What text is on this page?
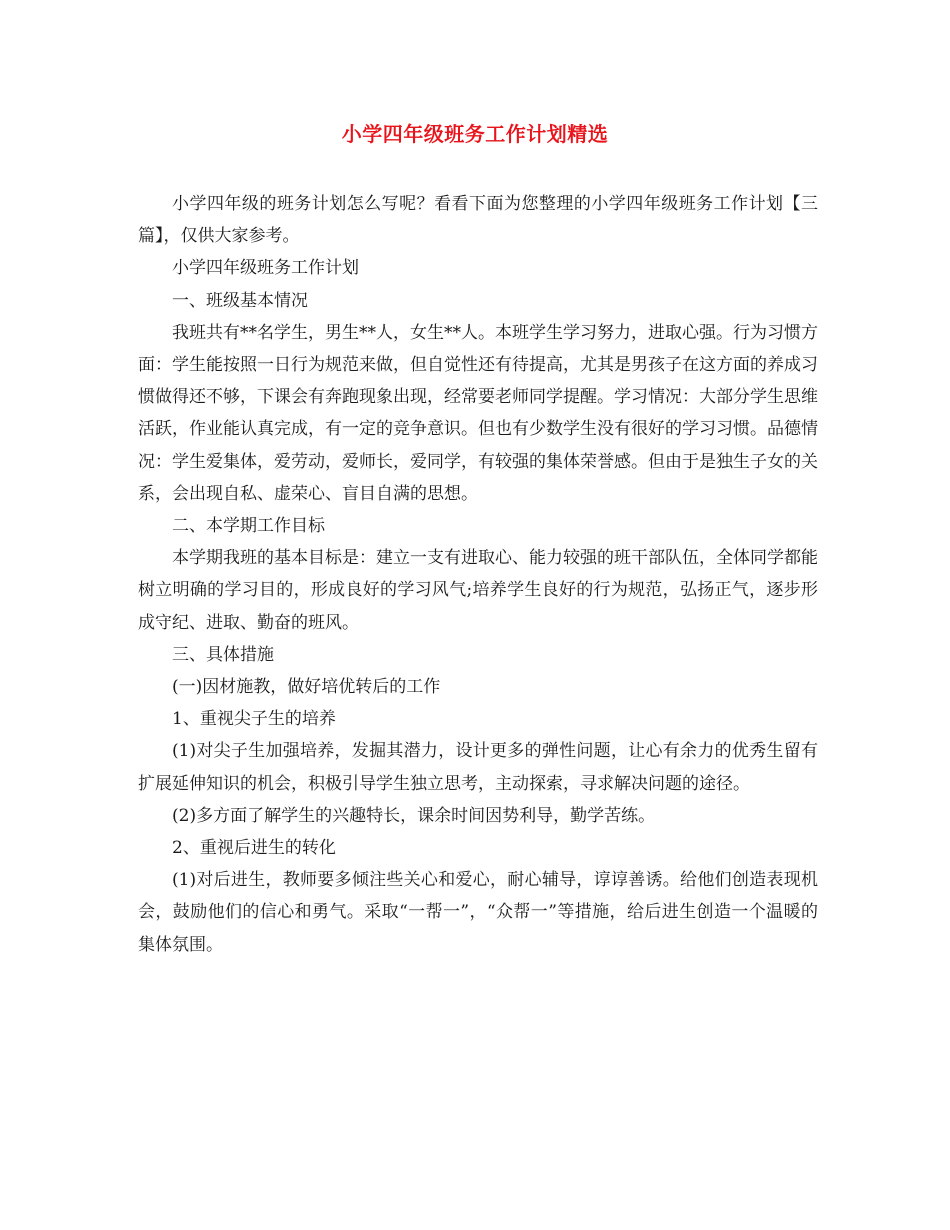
小学四年级班务工作计划精选

小学四年级的班务计划怎么写呢？看看下面为您整理的小学四年级班务工作计划【三篇】，仅供大家参考。

小学四年级班务工作计划

一、班级基本情况

我班共有**名学生，男生**人，女生**人。本班学生学习努力，进取心强。行为习惯方面：学生能按照一日行为规范来做，但自觉性还有待提高，尤其是男孩子在这方面的养成习惯做得还不够，下课会有奔跑现象出现，经常要老师同学提醒。学习情况：大部分学生思维活跃，作业能认真完成，有一定的竞争意识。但也有少数学生没有很好的学习习惯。品德情况：学生爱集体，爱劳动，爱师长，爱同学，有较强的集体荣誉感。但由于是独生子女的关系，会出现自私、虚荣心、盲目自满的思想。

二、本学期工作目标

本学期我班的基本目标是：建立一支有进取心、能力较强的班干部队伍，全体同学都能树立明确的学习目的，形成良好的学习风气;培养学生良好的行为规范，弘扬正气，逐步形成守纪、进取、勤奋的班风。

三、具体措施

(一)因材施教，做好培优转后的工作

1、重视尖子生的培养

(1)对尖子生加强培养，发掘其潜力，设计更多的弹性问题，让心有余力的优秀生留有扩展延伸知识的机会，积极引导学生独立思考，主动探索，寻求解决问题的途径。

(2)多方面了解学生的兴趣特长，课余时间因势利导，勤学苦练。

2、重视后进生的转化

(1)对后进生，教师要多倾注些关心和爱心，耐心辅导，谆谆善诱。给他们创造表现机会，鼓励他们的信心和勇气。采取“一帮一”，“众帮一”等措施，给后进生创造一个温暖的集体氛围。
